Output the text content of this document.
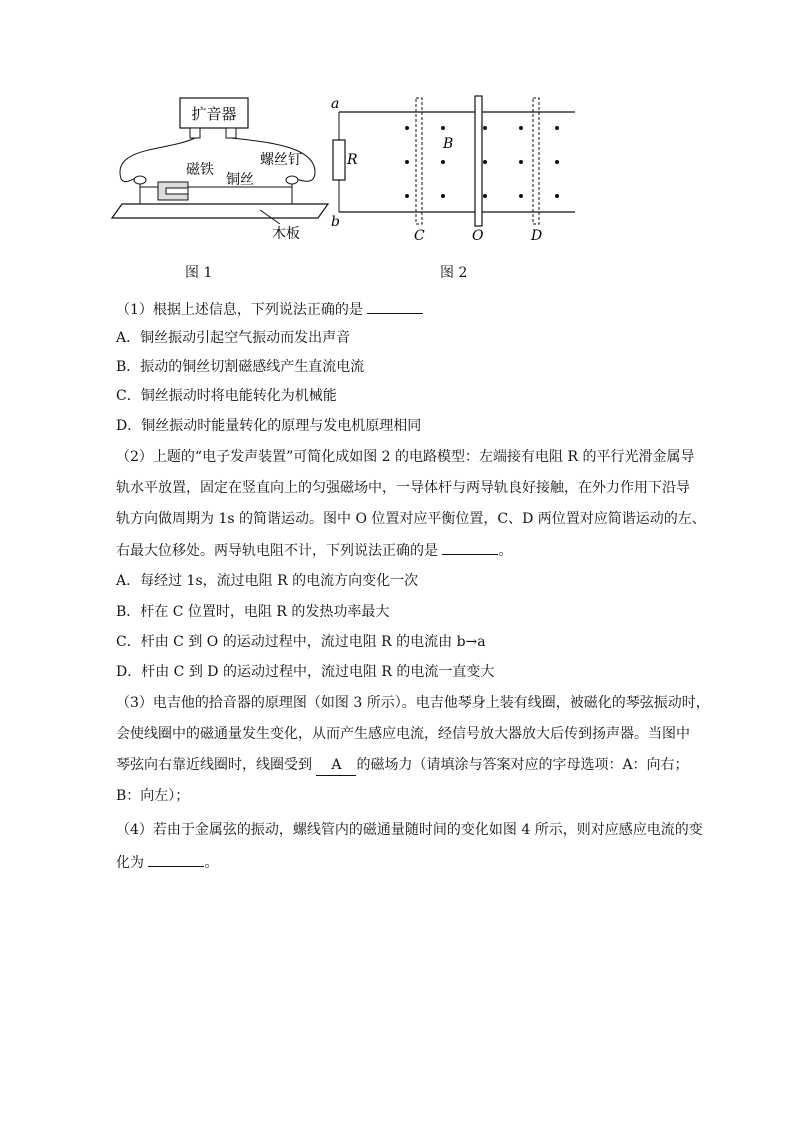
扩音器
磁铁
螺丝钉
铜丝
木板
图 1
a
b
R
B
C	O	D
图 2
（1）根据上述信息，下列说法正确的是
A．铜丝振动引起空气振动而发出声音
B．振动的铜丝切割磁感线产生直流电流
C．铜丝振动时将电能转化为机械能
D．铜丝振动时能量转化的原理与发电机原理相同
（2）上题的“电子发声装置”可简化成如图 2 的电路模型：左端接有电阻 R 的平行光滑金属导
轨水平放置，固定在竖直向上的匀强磁场中，一导体杆与两导轨良好接触，在外力作用下沿导
轨方向做周期为 1s 的简谐运动。图中 O 位置对应平衡位置，C、D 两位置对应简谐运动的左、
右最大位移处。两导轨电阻不计，下列说法正确的是	。
A．每经过 1s，流过电阻 R 的电流方向变化一次
B．杆在 C 位置时，电阻 R 的发热功率最大
C．杆由 C 到 O 的运动过程中，流过电阻 R 的电流由 b→a
D．杆由 C 到 D 的运动过程中，流过电阻 R 的电流一直变大
（3）电吉他的拾音器的原理图（如图 3 所示）。电吉他琴身上装有线圈，被磁化的琴弦振动时，
会使线圈中的磁通量发生变化，从而产生感应电流，经信号放大器放大后传到扬声器。当图中
琴弦向右靠近线圈时，线圈受到 A 的磁场力（请填涂与答案对应的字母选项：A：向右；
B：向左）；
（4）若由于金属弦的振动，螺线管内的磁通量随时间的变化如图 4 所示，则对应感应电流的变
化为	。
